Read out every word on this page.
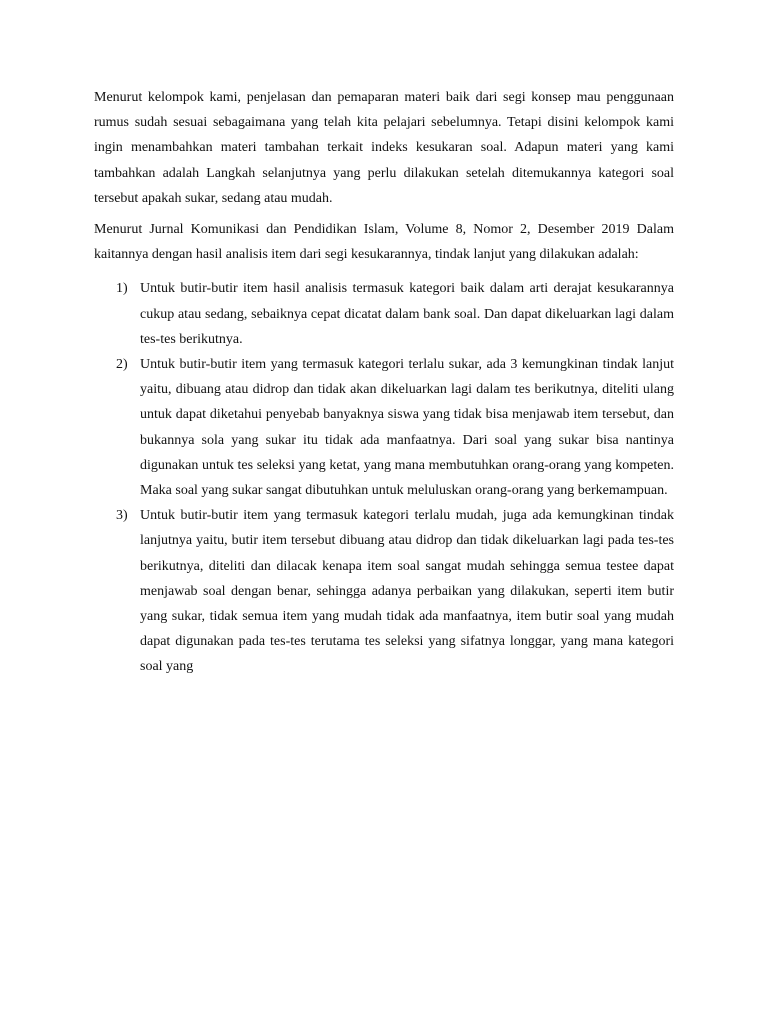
Menurut kelompok kami, penjelasan dan pemaparan materi baik dari segi konsep mau penggunaan rumus sudah sesuai sebagaimana yang telah kita pelajari sebelumnya. Tetapi disini kelompok kami ingin menambahkan materi tambahan terkait indeks kesukaran soal. Adapun materi yang kami tambahkan adalah Langkah selanjutnya yang perlu dilakukan setelah ditemukannya kategori soal tersebut apakah sukar, sedang atau mudah.

Menurut Jurnal Komunikasi dan Pendidikan Islam, Volume 8, Nomor 2, Desember 2019 Dalam kaitannya dengan hasil analisis item dari segi kesukarannya, tindak lanjut yang dilakukan adalah:

1) Untuk butir-butir item hasil analisis termasuk kategori baik dalam arti derajat kesukarannya cukup atau sedang, sebaiknya cepat dicatat dalam bank soal. Dan dapat dikeluarkan lagi dalam tes-tes berikutnya.
2) Untuk butir-butir item yang termasuk kategori terlalu sukar, ada 3 kemungkinan tindak lanjut yaitu, dibuang atau didrop dan tidak akan dikeluarkan lagi dalam tes berikutnya, diteliti ulang untuk dapat diketahui penyebab banyaknya siswa yang tidak bisa menjawab item tersebut, dan bukannya sola yang sukar itu tidak ada manfaatnya. Dari soal yang sukar bisa nantinya digunakan untuk tes seleksi yang ketat, yang mana membutuhkan orang-orang yang kompeten. Maka soal yang sukar sangat dibutuhkan untuk meluluskan orang-orang yang berkemampuan.
3) Untuk butir-butir item yang termasuk kategori terlalu mudah, juga ada kemungkinan tindak lanjutnya yaitu, butir item tersebut dibuang atau didrop dan tidak dikeluarkan lagi pada tes-tes berikutnya, diteliti dan dilacak kenapa item soal sangat mudah sehingga semua testee dapat menjawab soal dengan benar, sehingga adanya perbaikan yang dilakukan, seperti item butir yang sukar, tidak semua item yang mudah tidak ada manfaatnya, item butir soal yang mudah dapat digunakan pada tes-tes terutama tes seleksi yang sifatnya longgar, yang mana kategori soal yang
